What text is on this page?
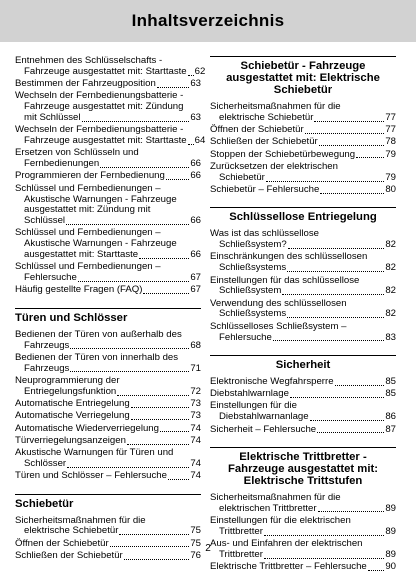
Inhaltsverzeichnis
Entnehmen des Schlüsselschafts -
Fahrzeuge ausgestattet mit: Starttaste 62
Bestimmen der Fahrzeugposition	63
Wechseln der Fernbedienungsbatterie -
Fahrzeuge ausgestattet mit: Zündung
mit Schlüssel	63
Wechseln der Fernbedienungsbatterie -
Fahrzeuge ausgestattet mit: Starttaste 64
Ersetzen von Schlüsseln und
Fernbedienungen	66
Programmieren der Fernbedienung	66
Schlüssel und Fernbedienungen –
Akustische Warnungen - Fahrzeuge
ausgestattet mit: Zündung mit
Schlüssel	66
Schlüssel und Fernbedienungen –
Akustische Warnungen - Fahrzeuge
ausgestattet mit: Starttaste	66
Schlüssel und Fernbedienungen –
Fehlersuche	67
Häufig gestellte Fragen (FAQ)	67
Türen und Schlösser
Bedienen der Türen von außerhalb des
Fahrzeugs	68
Bedienen der Türen von innerhalb des
Fahrzeugs	71
Neuprogrammierung der
Entriegelungsfunktion	72
Automatische Entriegelung	73
Automatische Verriegelung	73
Automatische Wiederverriegelung	74
Türverriegelungsanzeigen	74
Akustische Warnungen für Türen und
Schlösser	74
Türen und Schlösser – Fehlersuche 74
Schiebetür
Sicherheitsmaßnahmen für die
elektrische Schiebetür	75
Öffnen der Schiebetür	75
Schließen der Schiebetür	76
Schiebetür - Fahrzeuge ausgestattet mit: Elektrische Schiebetür
Sicherheitsmaßnahmen für die
elektrische Schiebetür	77
Öffnen der Schiebetür	77
Schließen der Schiebetür	78
Stoppen der Schiebetürbewegung	79
Zurücksetzen der elektrischen
Schiebetür	79
Schiebetür – Fehlersuche	80
Schlüssellose Entriegelung
Was ist das schlüssellose
Schließsystem?	82
Einschränkungen des schlüssellosen
Schließsystems	82
Einstellungen für das schlüssellose
Schließsystem	82
Verwendung des schlüssellosen
Schließsystems	82
Schlüsselloses Schließsystem –
Fehlersuche	83
Sicherheit
Elektronische Wegfahrsperre	85
Diebstahlwarnlage	85
Einstellungen für die
Diebstahlwarnanlage	86
Sicherheit – Fehlersuche	87
Elektrische Trittbretter - Fahrzeuge ausgestattet mit: Elektrische Trittstufen
Sicherheitsmaßnahmen für die
elektrischen Trittbretter	89
Einstellungen für die elektrischen
Trittbretter	89
Aus- und Einfahren der elektrischen
Trittbretter	89
Elektrische Trittbretter – Fehlersuche 90
2
